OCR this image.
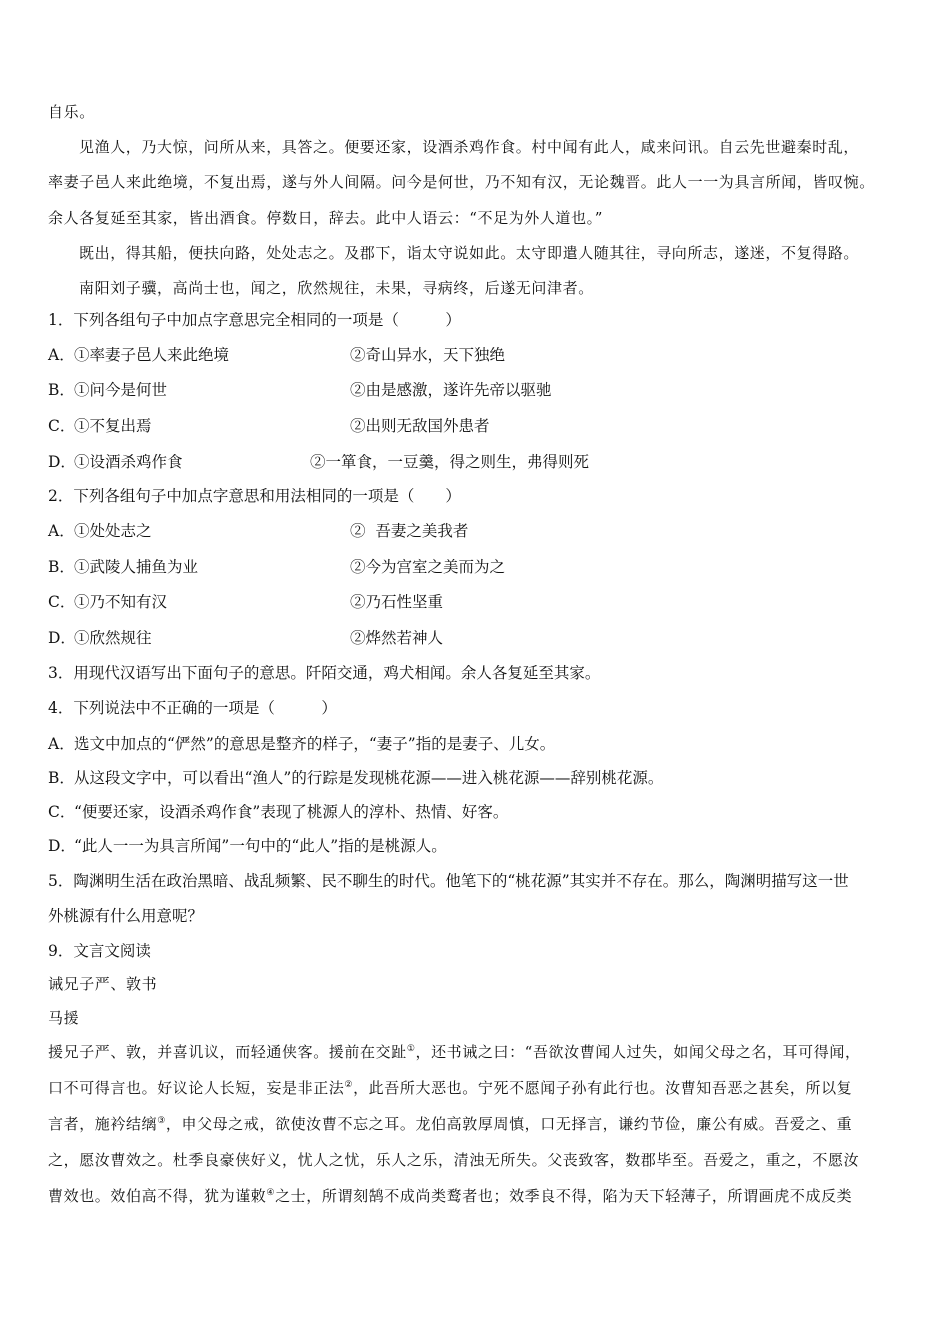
自乐。
见渔人，乃大惊，问所从来，具答之。便要还家，设酒杀鸡作食。村中闻有此人，咸来问讯。自云先世避秦时乱，
率妻子邑人来此绝境，不复出焉，遂与外人间隔。问今是何世，乃不知有汉，无论魏晋。此人一一为具言所闻，皆叹惋。
余人各复延至其家，皆出酒食。停数日，辞去。此中人语云：“不足为外人道也。”
既出，得其船，便扶向路，处处志之。及郡下，诣太守说如此。太守即遣人随其往，寻向所志，遂迷，不复得路。
南阳刘子骥，高尚士也，闻之，欣然规往，未果，寻病终，后遂无问津者。
1．下列各组句子中加点字意思完全相同的一项是（　　　）
A． ①率妻子邑人来此绝境	②奇山异水，天下独绝
B． ①问今是何世	②由是感激，遂许先帝以驱驰
C．
①不复出焉	②出则无敌国外患者
D．
①设酒杀鸡作食	②一箪食，一豆羹，得之则生，弗得则死
2．下列各组句子中加点字意思和用法相同的一项是（　　）
A． ①处处志之	②  吾妻之美我者
B． ①武陵人捕鱼为业	②今为宫室之美而为之
C．
①乃不知有汉	②乃石性坚重
D．
①欣然规往	②烨然若神人
3．用现代汉语写出下面句子的意思。阡陌交通，鸡犬相闻。余人各复延至其家。
4．下列说法中不正确的一项是（　　　）
A． 选文中加点的“俨然”的意思是整齐的样子，“妻子”指的是妻子、儿女。
B． 从这段文字中，可以看出“渔人”的行踪是发现桃花源——进入桃花源——辞别桃花源。
C．
“便要还家，设酒杀鸡作食”表现了桃源人的淳朴、热情、好客。
D．
“此人一一为具言所闻”一句中的“此人”指的是桃源人。
5．陶渊明生活在政治黑暗、战乱频繁、民不聊生的时代。他笔下的“桃花源”其实并不存在。那么，陶渊明描写这一世
外桃源有什么用意呢？
9．文言文阅读
诫兄子严、敦书
马援
援兄子严、敦，并喜讥议，而轻通侠客。援前在交趾①，还书诫之曰：“吾欲汝曹闻人过失，如闻父母之名，耳可得闻，
口不可得言也。好议论人长短，妄是非正法②，此吾所大恶也。宁死不愿闻子孙有此行也。汝曹知吾恶之甚矣，所以复
言者，施衿结缡③，申父母之戒，欲使汝曹不忘之耳。龙伯高敦厚周慎，口无择言，谦约节俭，廉公有威。吾爱之、重
之，愿汝曹效之。杜季良豪侠好义，忧人之忧，乐人之乐，清浊无所失。父丧致客，数郡毕至。吾爱之，重之，不愿汝
曹效也。效伯高不得，犹为谨敕④之士，所谓刻鹄不成尚类鹜者也；效季良不得，陷为天下轻薄子，所谓画虎不成反类
